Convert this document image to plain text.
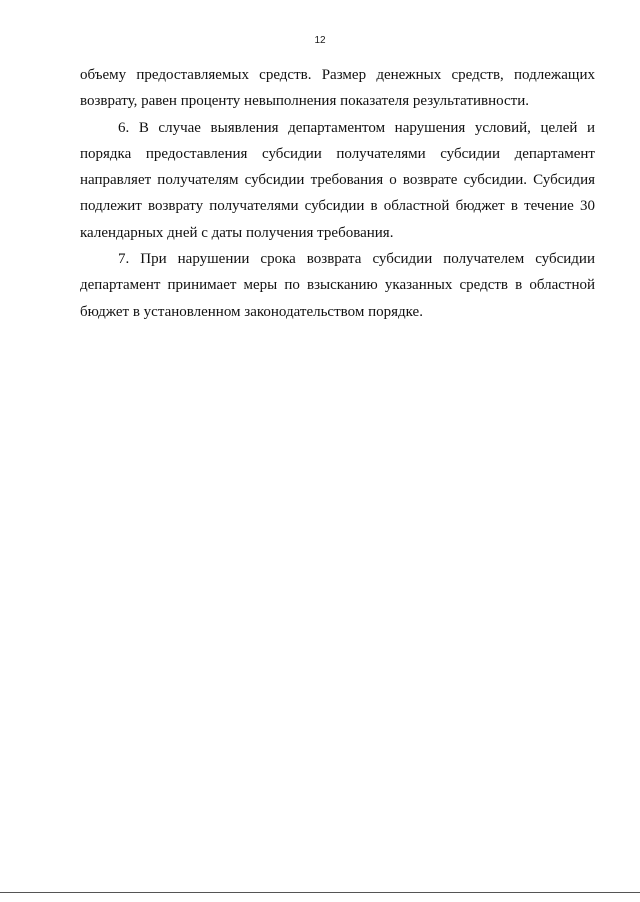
12

объему предоставляемых средств. Размер денежных средств, подлежащих возврату, равен проценту невыполнения показателя результативности.

6. В случае выявления департаментом нарушения условий, целей и порядка предоставления субсидии получателями субсидии департамент направляет получателям субсидии требования о возврате субсидии. Субсидия подлежит возврату получателями субсидии в областной бюджет в течение 30 календарных дней с даты получения требования.

7. При нарушении срока возврата субсидии получателем субсидии департамент принимает меры по взысканию указанных средств в областной бюджет в установленном законодательством порядке.
